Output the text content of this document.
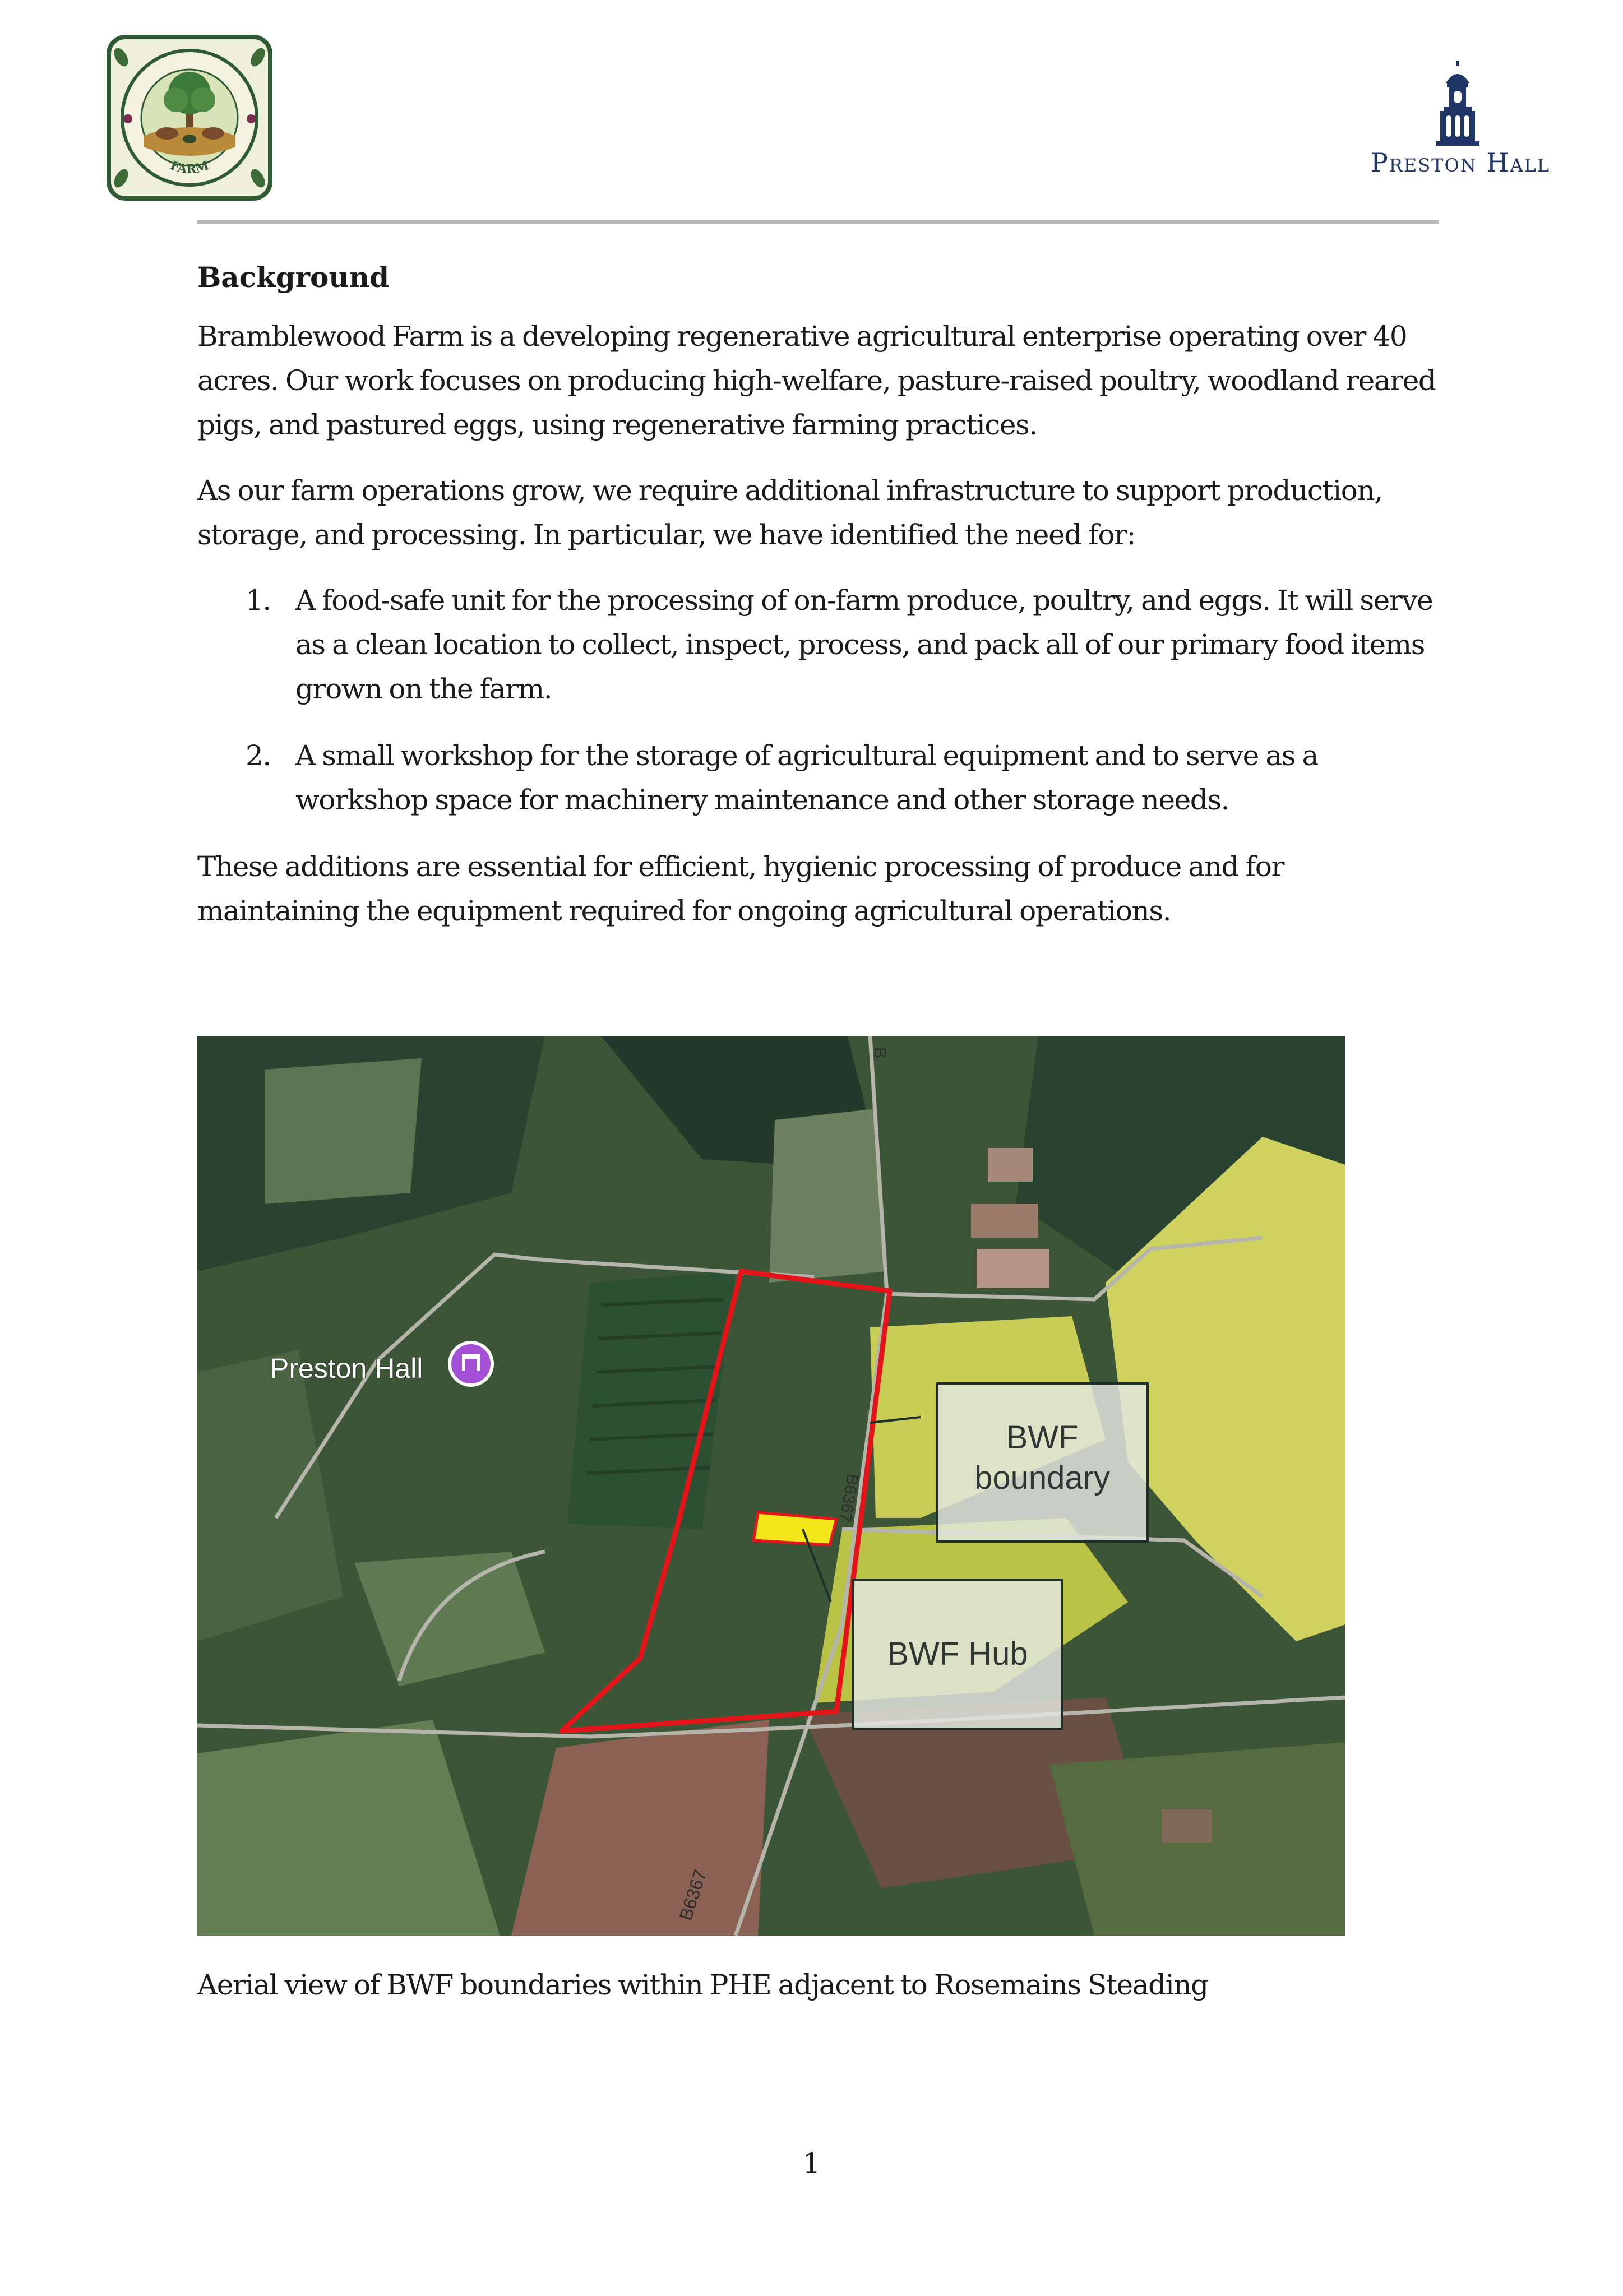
FARM	Preston Hall
Background

Bramblewood Farm is a developing regenerative agricultural enterprise operating over 40 acres. Our work focuses on producing high-welfare, pasture-raised poultry, woodland reared pigs, and pastured eggs, using regenerative farming practices.

As our farm operations grow, we require additional infrastructure to support production, storage, and processing. In particular, we have identified the need for:

1. A food-safe unit for the processing of on-farm produce, poultry, and eggs. It will serve as a clean location to collect, inspect, process, and pack all of our primary food items grown on the farm.
2. A small workshop for the storage of agricultural equipment and to serve as a workshop space for machinery maintenance and other storage needs.

These additions are essential for efficient, hygienic processing of produce and for maintaining the equipment required for ongoing agricultural operations.

Preston Hall
B
B6367
B6367
BWF
boundary
BWF Hub
Aerial view of BWF boundaries within PHE adjacent to Rosemains Steading
1
